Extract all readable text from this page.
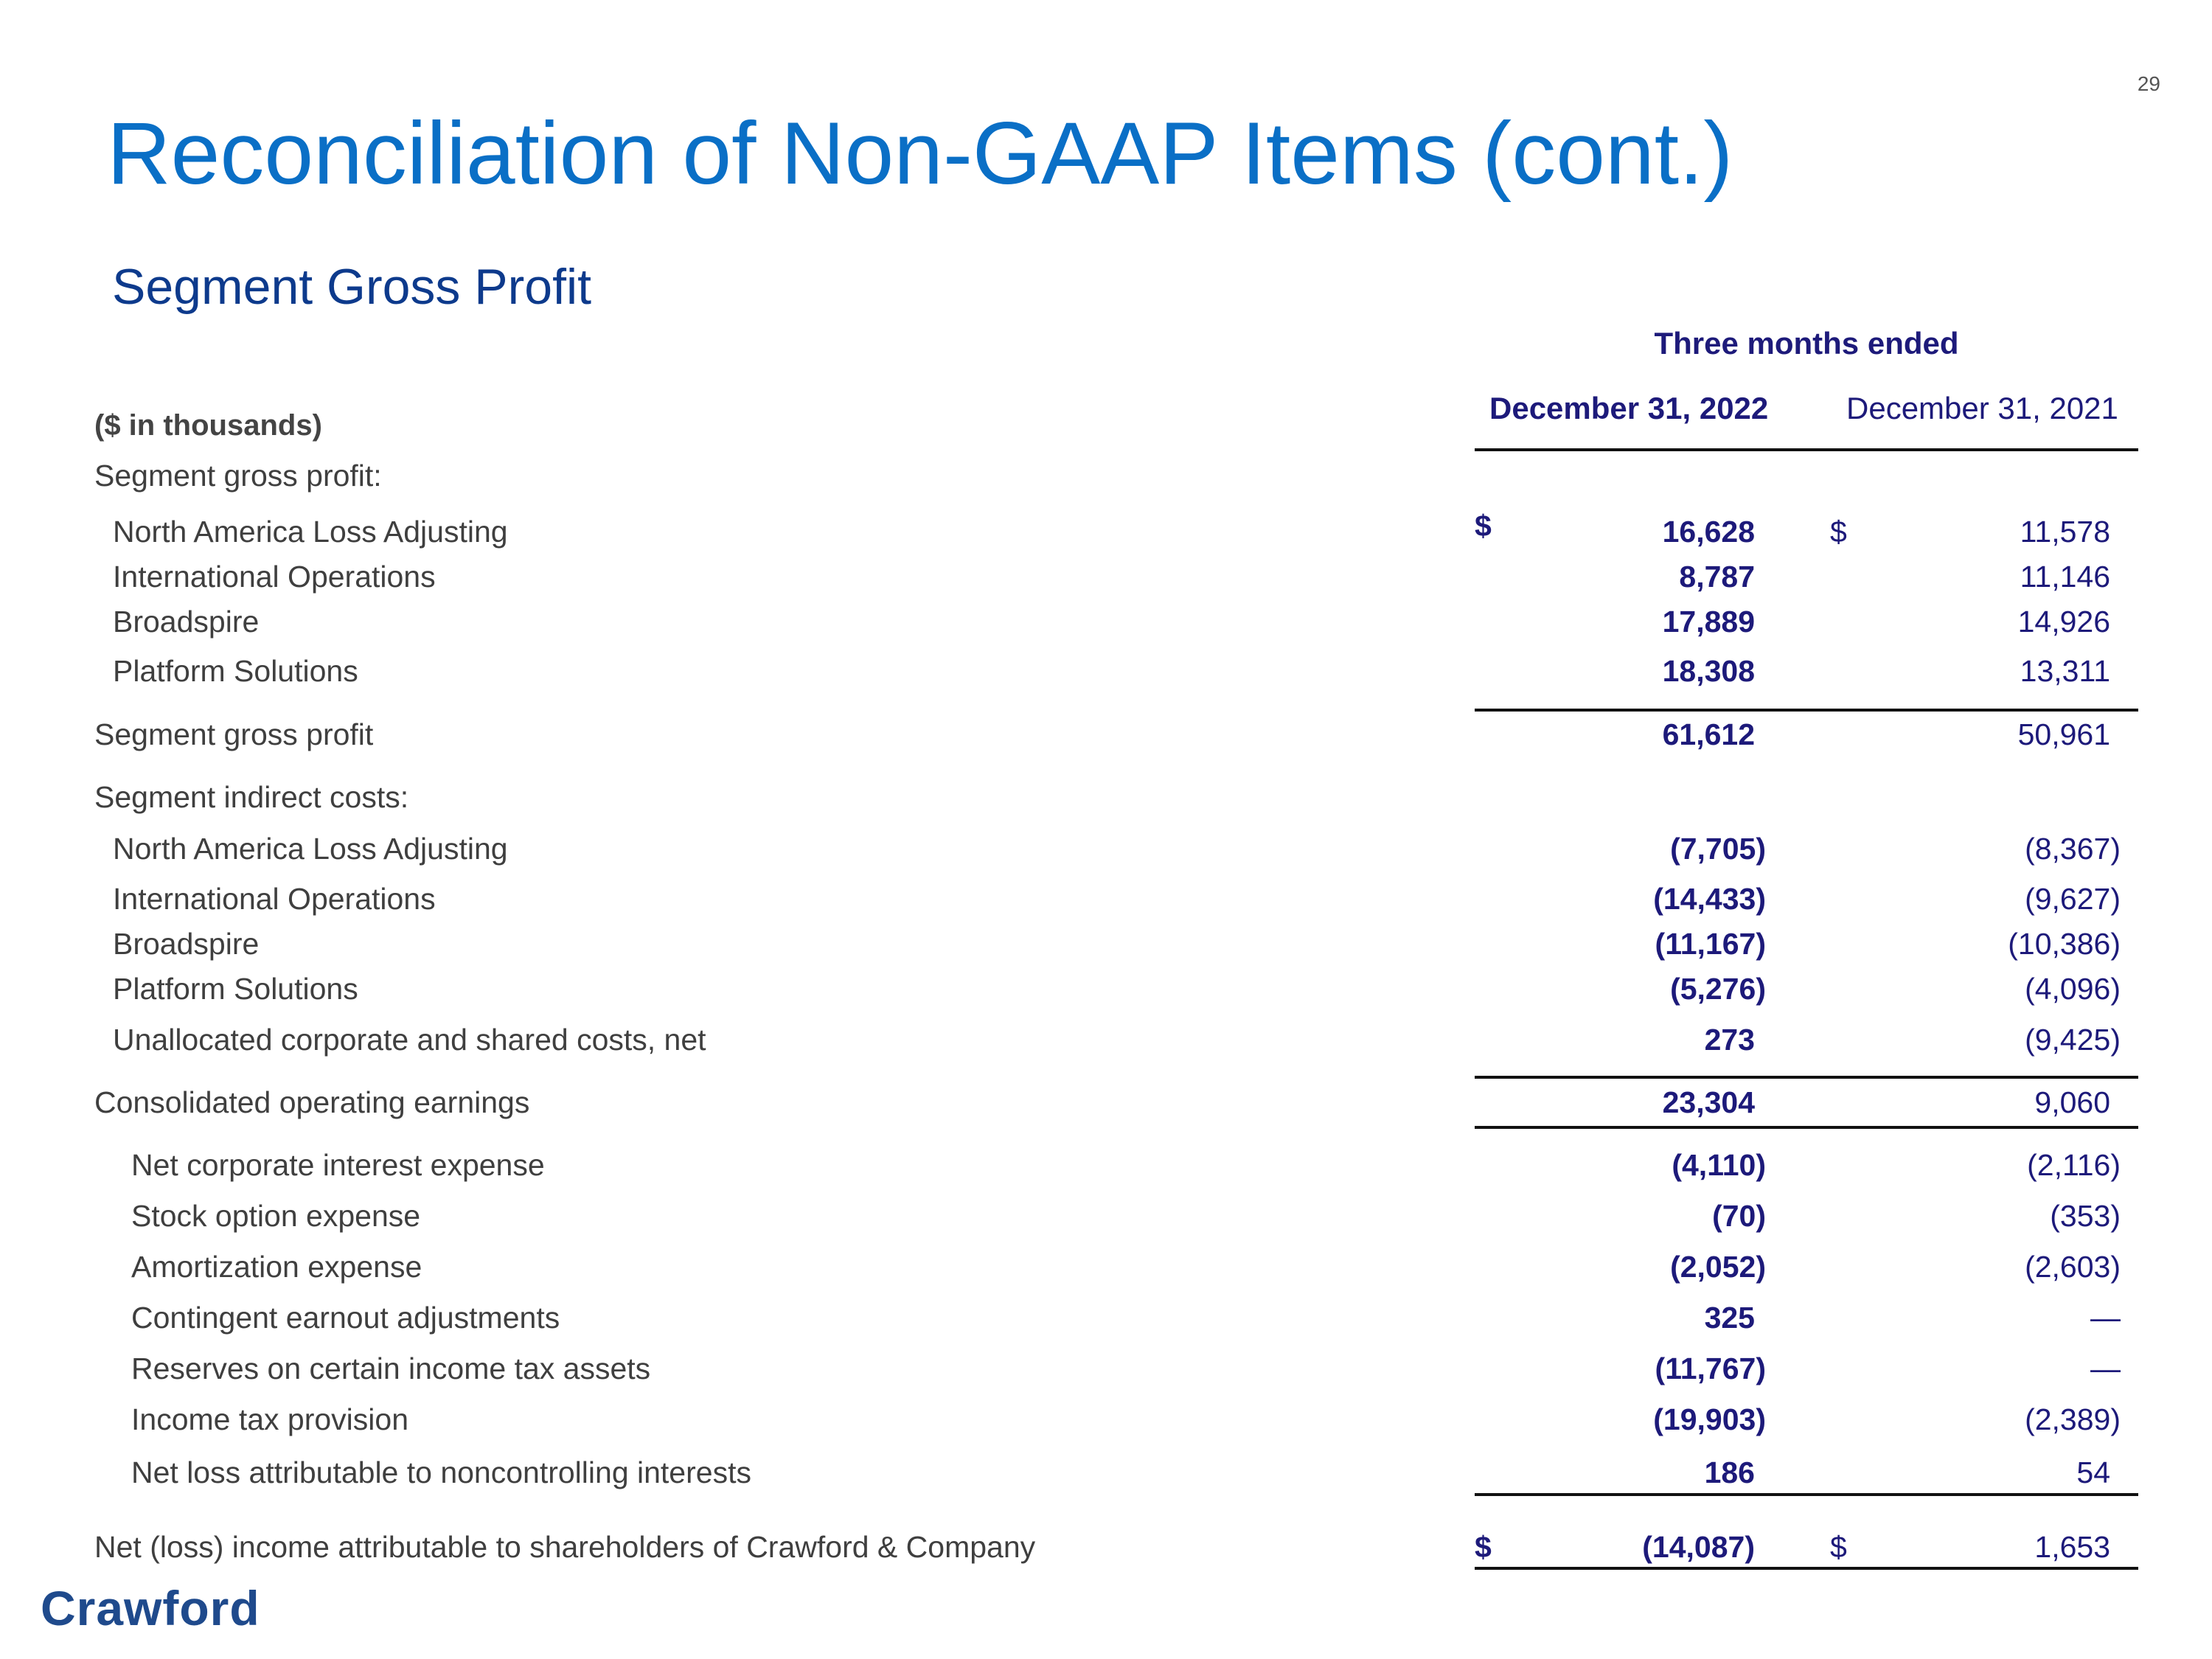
29
Reconciliation of Non-GAAP Items (cont.)
Segment Gross Profit
Three months ended
December 31, 2022	December 31, 2021
($ in thousands)
Segment gross profit:
North America Loss Adjusting	$	16,628 $	11,578
International Operations	8,787	11,146
Broadspire	17,889	14,926
Platform Solutions	18,308	13,311
Segment gross profit	61,612	50,961
Segment indirect costs:
North America Loss Adjusting	(7,705)	(8,367)
International Operations	(14,433)	(9,627)
Broadspire	(11,167)	(10,386)
Platform Solutions	(5,276)	(4,096)
Unallocated corporate and shared costs, net	273	(9,425)
Consolidated operating earnings	23,304	9,060
Net corporate interest expense	(4,110)	(2,116)
Stock option expense	(70)	(353)
Amortization expense	(2,052)	(2,603)
Contingent earnout adjustments	325	—
Reserves on certain income tax assets	(11,767)	—
Income tax provision	(19,903)	(2,389)
Net loss attributable to noncontrolling interests	186	54
Net (loss) income attributable to shareholders of Crawford & Company	$	(14,087) $	1,653
Crawford
